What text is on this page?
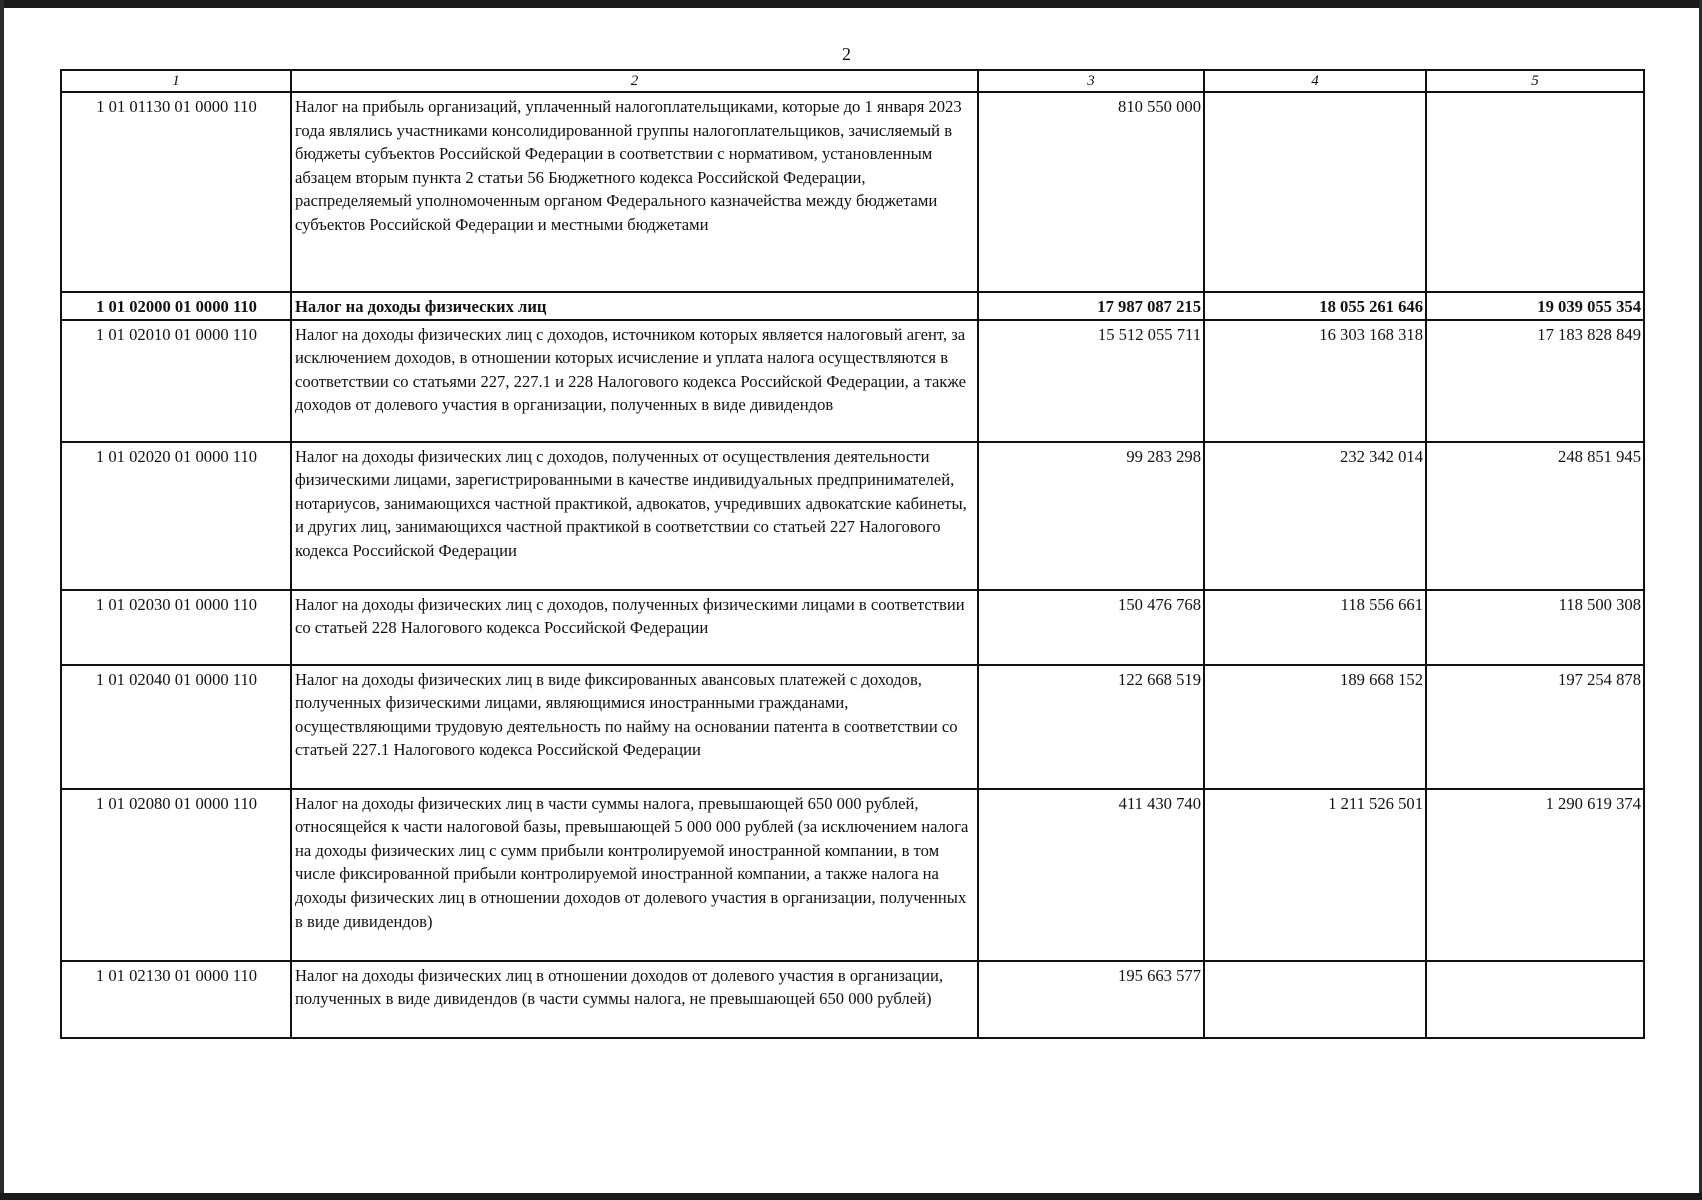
2
1	2	3	4	5
1 01 01130 01 0000 110	Налог на прибыль организаций, уплаченный налогоплательщиками, которые до 1 января 2023 года являлись участниками консолидированной группы налогоплательщиков, зачисляемый в бюджеты субъектов Российской Федерации в соответствии с нормативом, установленным абзацем вторым пункта 2 статьи 56 Бюджетного кодекса Российской Федерации, распределяемый уполномоченным органом Федерального казначейства между бюджетами субъектов Российской Федерации и местными бюджетами	810 550 000		
1 01 02000 01 0000 110	Налог на доходы физических лиц	17 987 087 215	18 055 261 646	19 039 055 354
1 01 02010 01 0000 110	Налог на доходы физических лиц с доходов, источником которых является налоговый агент, за исключением доходов, в отношении которых исчисление и уплата налога осуществляются в соответствии со статьями 227, 227.1 и 228 Налогового кодекса Российской Федерации, а также доходов от долевого участия в организации, полученных в виде дивидендов	15 512 055 711	16 303 168 318	17 183 828 849
1 01 02020 01 0000 110	Налог на доходы физических лиц с доходов, полученных от осуществления деятельности физическими лицами, зарегистрированными в качестве индивидуальных предпринимателей, нотариусов, занимающихся частной практикой, адвокатов, учредивших адвокатские кабинеты, и других лиц, занимающихся частной практикой в соответствии со статьей 227 Налогового кодекса Российской Федерации	99 283 298	232 342 014	248 851 945
1 01 02030 01 0000 110	Налог на доходы физических лиц с доходов, полученных физическими лицами в соответствии со статьей 228 Налогового кодекса Российской Федерации	150 476 768	118 556 661	118 500 308
1 01 02040 01 0000 110	Налог на доходы физических лиц в виде фиксированных авансовых платежей с доходов, полученных физическими лицами, являющимися иностранными гражданами, осуществляющими трудовую деятельность по найму на основании патента в соответствии со статьей 227.1 Налогового кодекса Российской Федерации	122 668 519	189 668 152	197 254 878
1 01 02080 01 0000 110	Налог на доходы физических лиц в части суммы налога, превышающей 650 000 рублей, относящейся к части налоговой базы, превышающей 5 000 000 рублей (за исключением налога на доходы физических лиц с сумм прибыли контролируемой иностранной компании, в том числе фиксированной прибыли контролируемой иностранной компании, а также налога на доходы физических лиц в отношении доходов от долевого участия в организации, полученных в виде дивидендов)	411 430 740	1 211 526 501	1 290 619 374
1 01 02130 01 0000 110	Налог на доходы физических лиц в отношении доходов от долевого участия в организации, полученных в виде дивидендов (в части суммы налога, не превышающей 650 000 рублей)	195 663 577		
